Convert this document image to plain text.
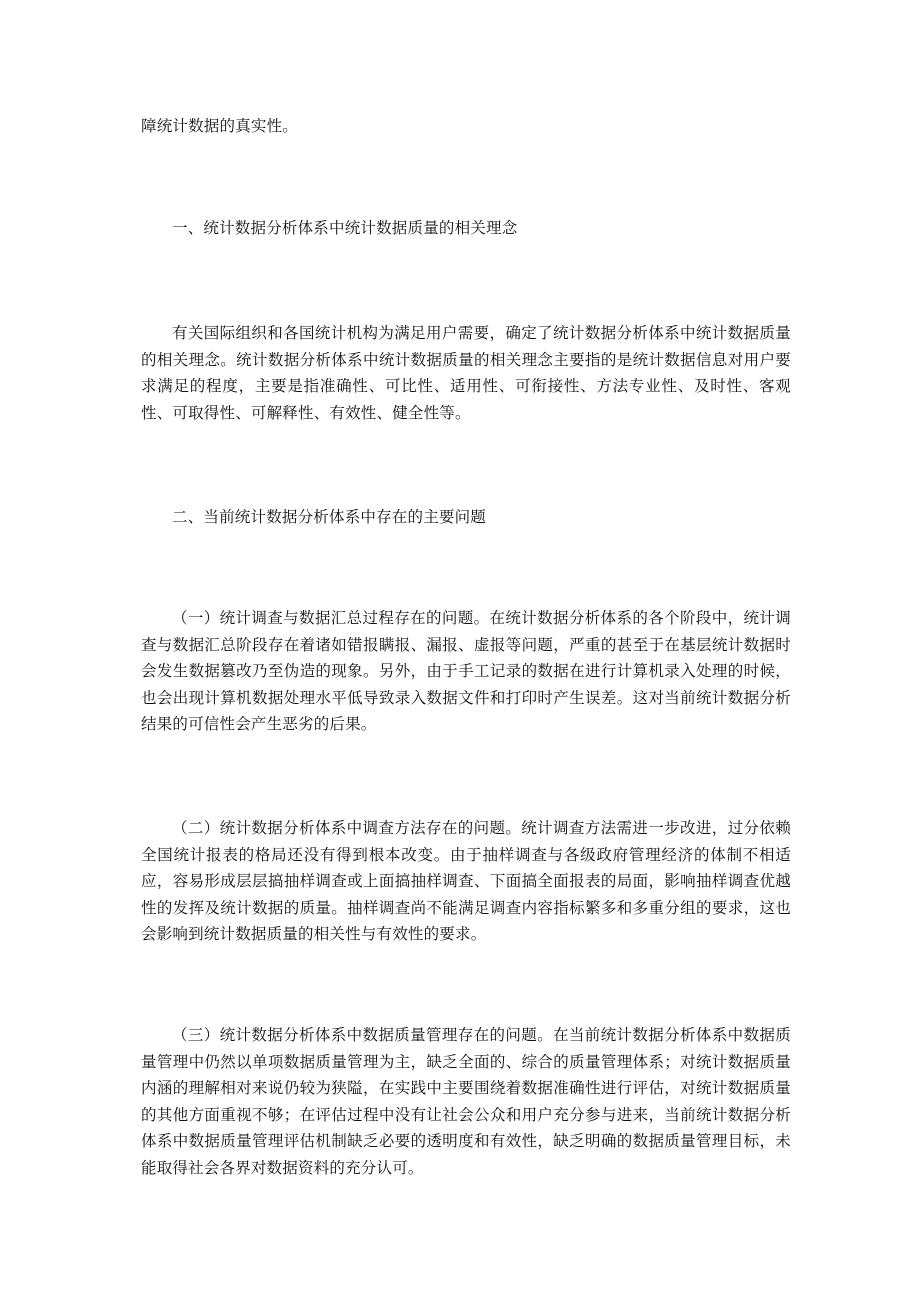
障统计数据的真实性。

一、统计数据分析体系中统计数据质量的相关理念

有关国际组织和各国统计机构为满足用户需要，确定了统计数据分析体系中统计数据质量的相关理念。统计数据分析体系中统计数据质量的相关理念主要指的是统计数据信息对用户要求满足的程度，主要是指准确性、可比性、适用性、可衔接性、方法专业性、及时性、客观性、可取得性、可解释性、有效性、健全性等。

二、当前统计数据分析体系中存在的主要问题

（一）统计调查与数据汇总过程存在的问题。在统计数据分析体系的各个阶段中，统计调查与数据汇总阶段存在着诸如错报瞒报、漏报、虚报等问题，严重的甚至于在基层统计数据时会发生数据篡改乃至伪造的现象。另外，由于手工记录的数据在进行计算机录入处理的时候，也会出现计算机数据处理水平低导致录入数据文件和打印时产生误差。这对当前统计数据分析结果的可信性会产生恶劣的后果。

（二）统计数据分析体系中调查方法存在的问题。统计调查方法需进一步改进，过分依赖全国统计报表的格局还没有得到根本改变。由于抽样调查与各级政府管理经济的体制不相适应，容易形成层层搞抽样调查或上面搞抽样调查、下面搞全面报表的局面，影响抽样调查优越性的发挥及统计数据的质量。抽样调查尚不能满足调查内容指标繁多和多重分组的要求，这也会影响到统计数据质量的相关性与有效性的要求。

（三）统计数据分析体系中数据质量管理存在的问题。在当前统计数据分析体系中数据质量管理中仍然以单项数据质量管理为主，缺乏全面的、综合的质量管理体系；对统计数据质量内涵的理解相对来说仍较为狭隘，在实践中主要围绕着数据准确性进行评估，对统计数据质量的其他方面重视不够；在评估过程中没有让社会公众和用户充分参与进来，当前统计数据分析体系中数据质量管理评估机制缺乏必要的透明度和有效性，缺乏明确的数据质量管理目标，未能取得社会各界对数据资料的充分认可。
